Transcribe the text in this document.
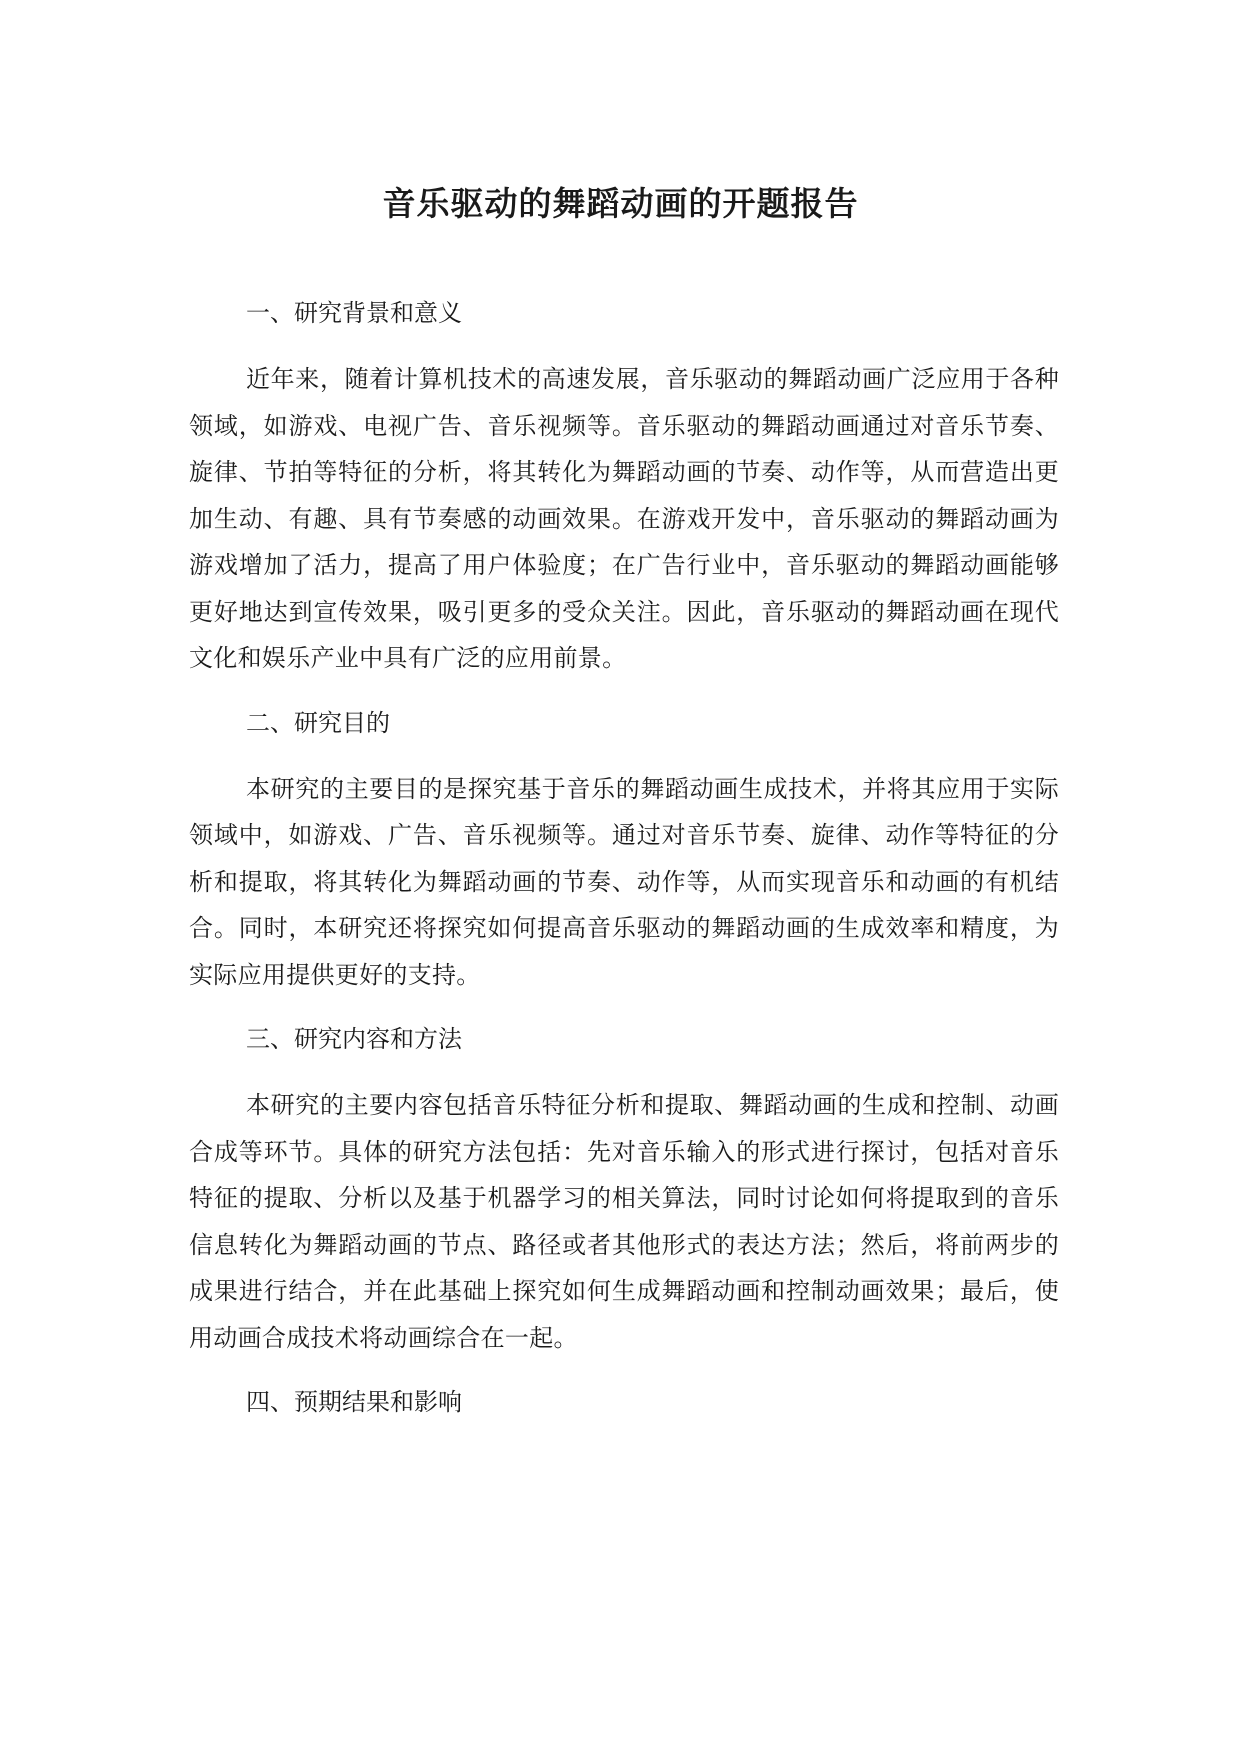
音乐驱动的舞蹈动画的开题报告
一、研究背景和意义

近年来，随着计算机技术的高速发展，音乐驱动的舞蹈动画广泛应用于各种领域，如游戏、电视广告、音乐视频等。音乐驱动的舞蹈动画通过对音乐节奏、旋律、节拍等特征的分析，将其转化为舞蹈动画的节奏、动作等，从而营造出更加生动、有趣、具有节奏感的动画效果。在游戏开发中，音乐驱动的舞蹈动画为游戏增加了活力，提高了用户体验度；在广告行业中，音乐驱动的舞蹈动画能够更好地达到宣传效果，吸引更多的受众关注。因此，音乐驱动的舞蹈动画在现代文化和娱乐产业中具有广泛的应用前景。

二、研究目的

本研究的主要目的是探究基于音乐的舞蹈动画生成技术，并将其应用于实际领域中，如游戏、广告、音乐视频等。通过对音乐节奏、旋律、动作等特征的分析和提取，将其转化为舞蹈动画的节奏、动作等，从而实现音乐和动画的有机结合。同时，本研究还将探究如何提高音乐驱动的舞蹈动画的生成效率和精度，为实际应用提供更好的支持。

三、研究内容和方法

本研究的主要内容包括音乐特征分析和提取、舞蹈动画的生成和控制、动画合成等环节。具体的研究方法包括：先对音乐输入的形式进行探讨，包括对音乐特征的提取、分析以及基于机器学习的相关算法，同时讨论如何将提取到的音乐信息转化为舞蹈动画的节点、路径或者其他形式的表达方法；然后，将前两步的成果进行结合，并在此基础上探究如何生成舞蹈动画和控制动画效果；最后，使用动画合成技术将动画综合在一起。

四、预期结果和影响
